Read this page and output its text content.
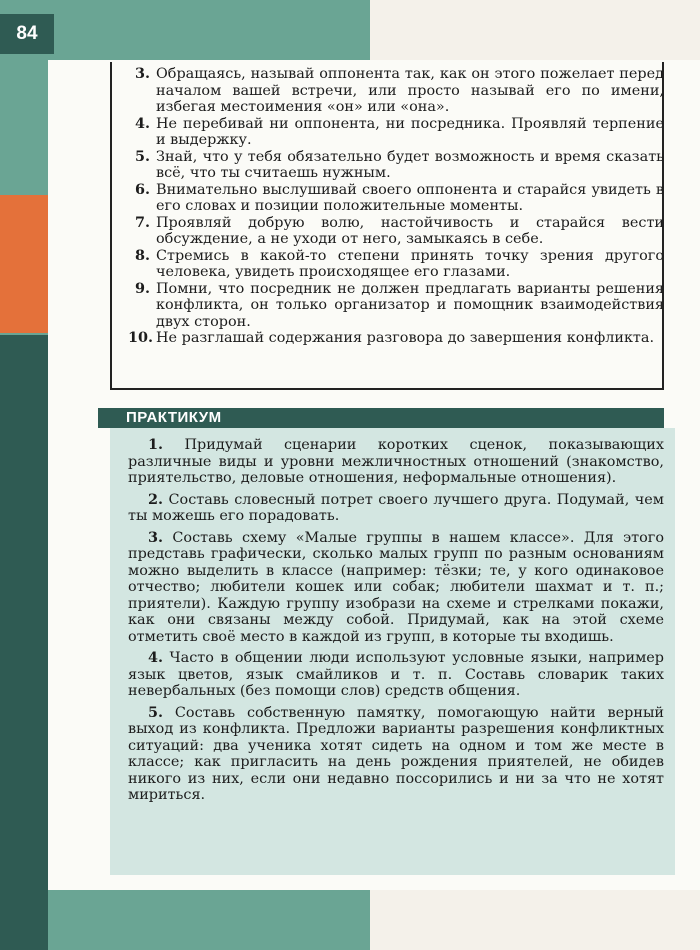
84
3. Обращаясь, называй оппонента так, как он этого пожелает перед началом вашей встречи, или просто называй его по имени, избегая местоимения «он» или «она».
4. Не перебивай ни оппонента, ни посредника. Проявляй терпение и выдержку.
5. Знай, что у тебя обязательно будет возможность и время сказать всё, что ты считаешь нужным.
6. Внимательно выслушивай своего оппонента и старайся увидеть в его словах и позиции положительные моменты.
7. Проявляй добрую волю, настойчивость и старайся вести обсуждение, а не уходи от него, замыкаясь в себе.
8. Стремись в какой-то степени принять точку зрения другого человека, увидеть происходящее его глазами.
9. Помни, что посредник не должен предлагать варианты решения конфликта, он только организатор и помощник взаимодействия двух сторон.
10. Не разглашай содержания разговора до завершения конфликта.
ПРАКТИКУМ
1. Придумай сценарии коротких сценок, показывающих различные виды и уровни межличностных отношений (знакомство, приятельство, деловые отношения, неформальные отношения).
2. Составь словесный потрет своего лучшего друга. Подумай, чем ты можешь его порадовать.
3. Составь схему «Малые группы в нашем классе». Для этого представь графически, сколько малых групп по разным основаниям можно выделить в классе (например: тёзки; те, у кого одинаковое отчество; любители кошек или собак; любители шахмат и т. п.; приятели). Каждую группу изобрази на схеме и стрелками покажи, как они связаны между собой. Придумай, как на этой схеме отметить своё место в каждой из групп, в которые ты входишь.
4. Часто в общении люди используют условные языки, например язык цветов, язык смайликов и т. п. Составь словарик таких невербальных (без помощи слов) средств общения.
5. Составь собственную памятку, помогающую найти верный выход из конфликта. Предложи варианты разрешения конфликтных ситуаций: два ученика хотят сидеть на одном и том же месте в классе; как пригласить на день рождения приятелей, не обидев никого из них, если они недавно поссорились и ни за что не хотят мириться.
